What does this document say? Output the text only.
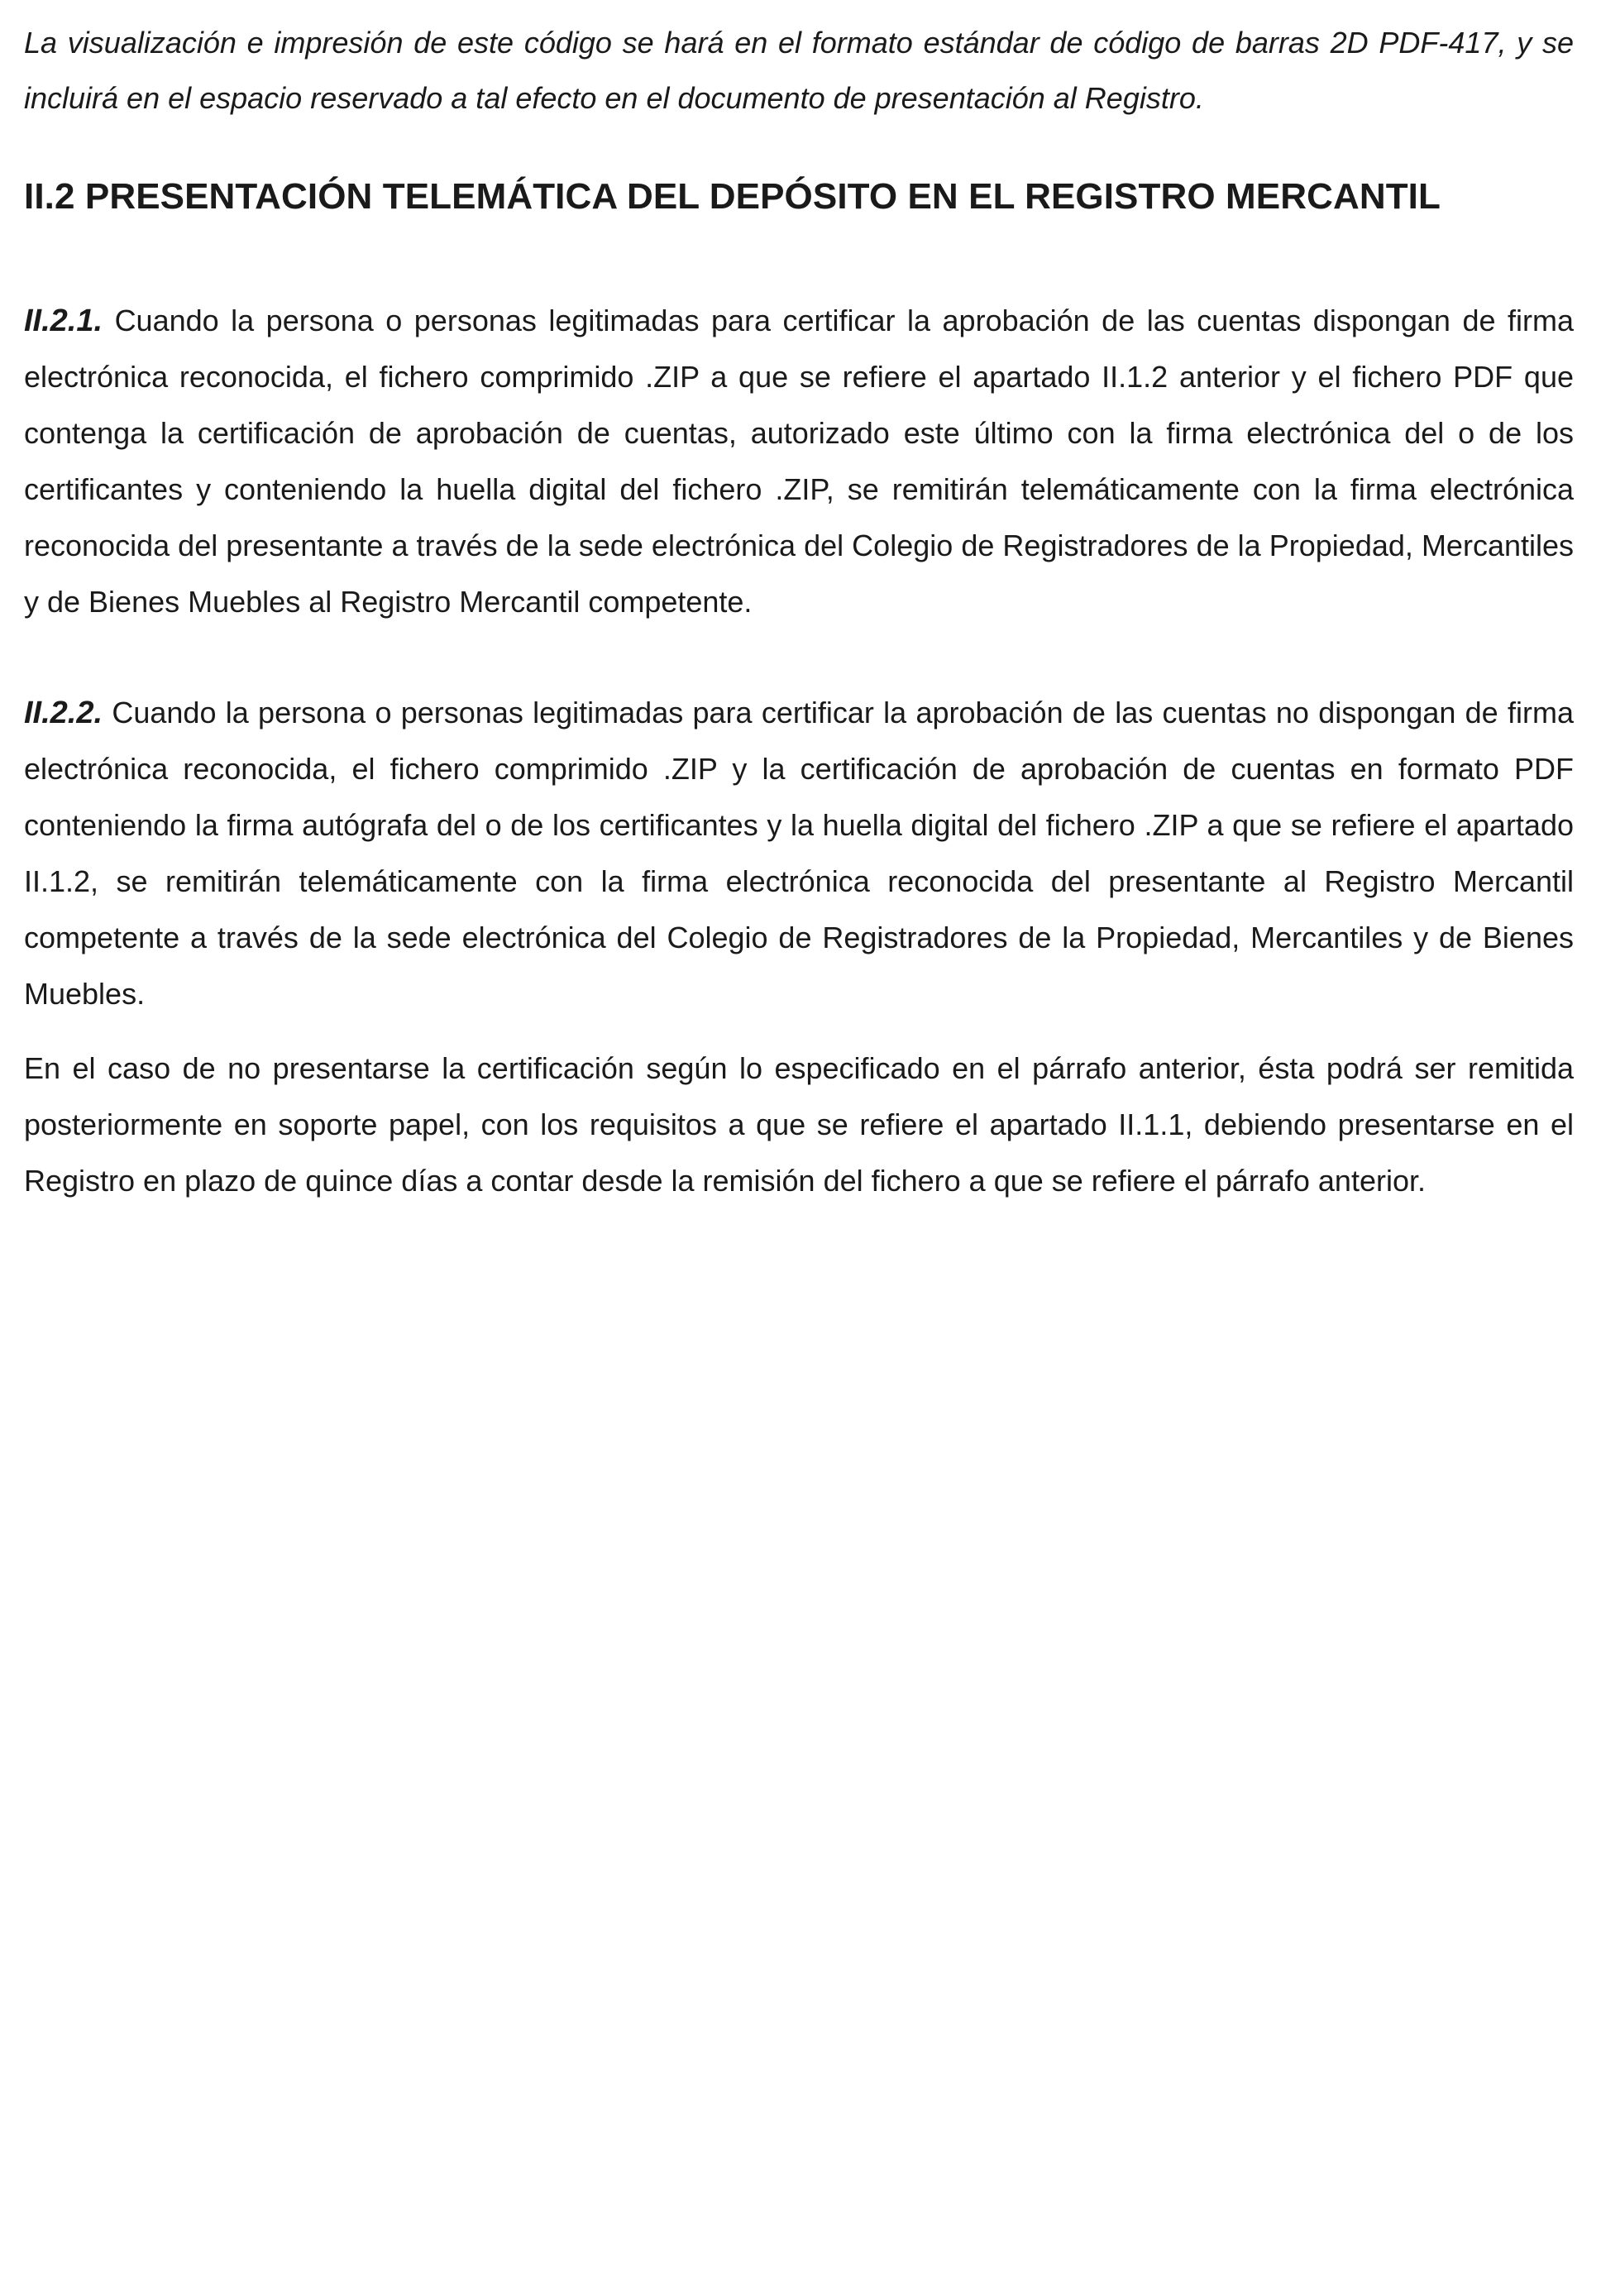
La visualización e impresión de este código se hará en el formato estándar de código de barras 2D PDF-417, y se incluirá en el espacio reservado a tal efecto en el documento de presentación al Registro.

II.2 PRESENTACIÓN TELEMÁTICA DEL DEPÓSITO EN EL REGISTRO MERCANTIL

II.2.1. Cuando la persona o personas legitimadas para certificar la aprobación de las cuentas dispongan de firma electrónica reconocida, el fichero comprimido .ZIP a que se refiere el apartado II.1.2 anterior y el fichero PDF que contenga la certificación de aprobación de cuentas, autorizado este último con la firma electrónica del o de los certificantes y conteniendo la huella digital del fichero .ZIP, se remitirán telemáticamente con la firma electrónica reconocida del presentante a través de la sede electrónica del Colegio de Registradores de la Propiedad, Mercantiles y de Bienes Muebles al Registro Mercantil competente.

II.2.2. Cuando la persona o personas legitimadas para certificar la aprobación de las cuentas no dispongan de firma electrónica reconocida, el fichero comprimido .ZIP y la certificación de aprobación de cuentas en formato PDF conteniendo la firma autógrafa del o de los certificantes y la huella digital del fichero .ZIP a que se refiere el apartado II.1.2, se remitirán telemáticamente con la firma electrónica reconocida del presentante al Registro Mercantil competente a través de la sede electrónica del Colegio de Registradores de la Propiedad, Mercantiles y de Bienes Muebles.

En el caso de no presentarse la certificación según lo especificado en el párrafo anterior, ésta podrá ser remitida posteriormente en soporte papel, con los requisitos a que se refiere el apartado II.1.1, debiendo presentarse en el Registro en plazo de quince días a contar desde la remisión del fichero a que se refiere el párrafo anterior.
